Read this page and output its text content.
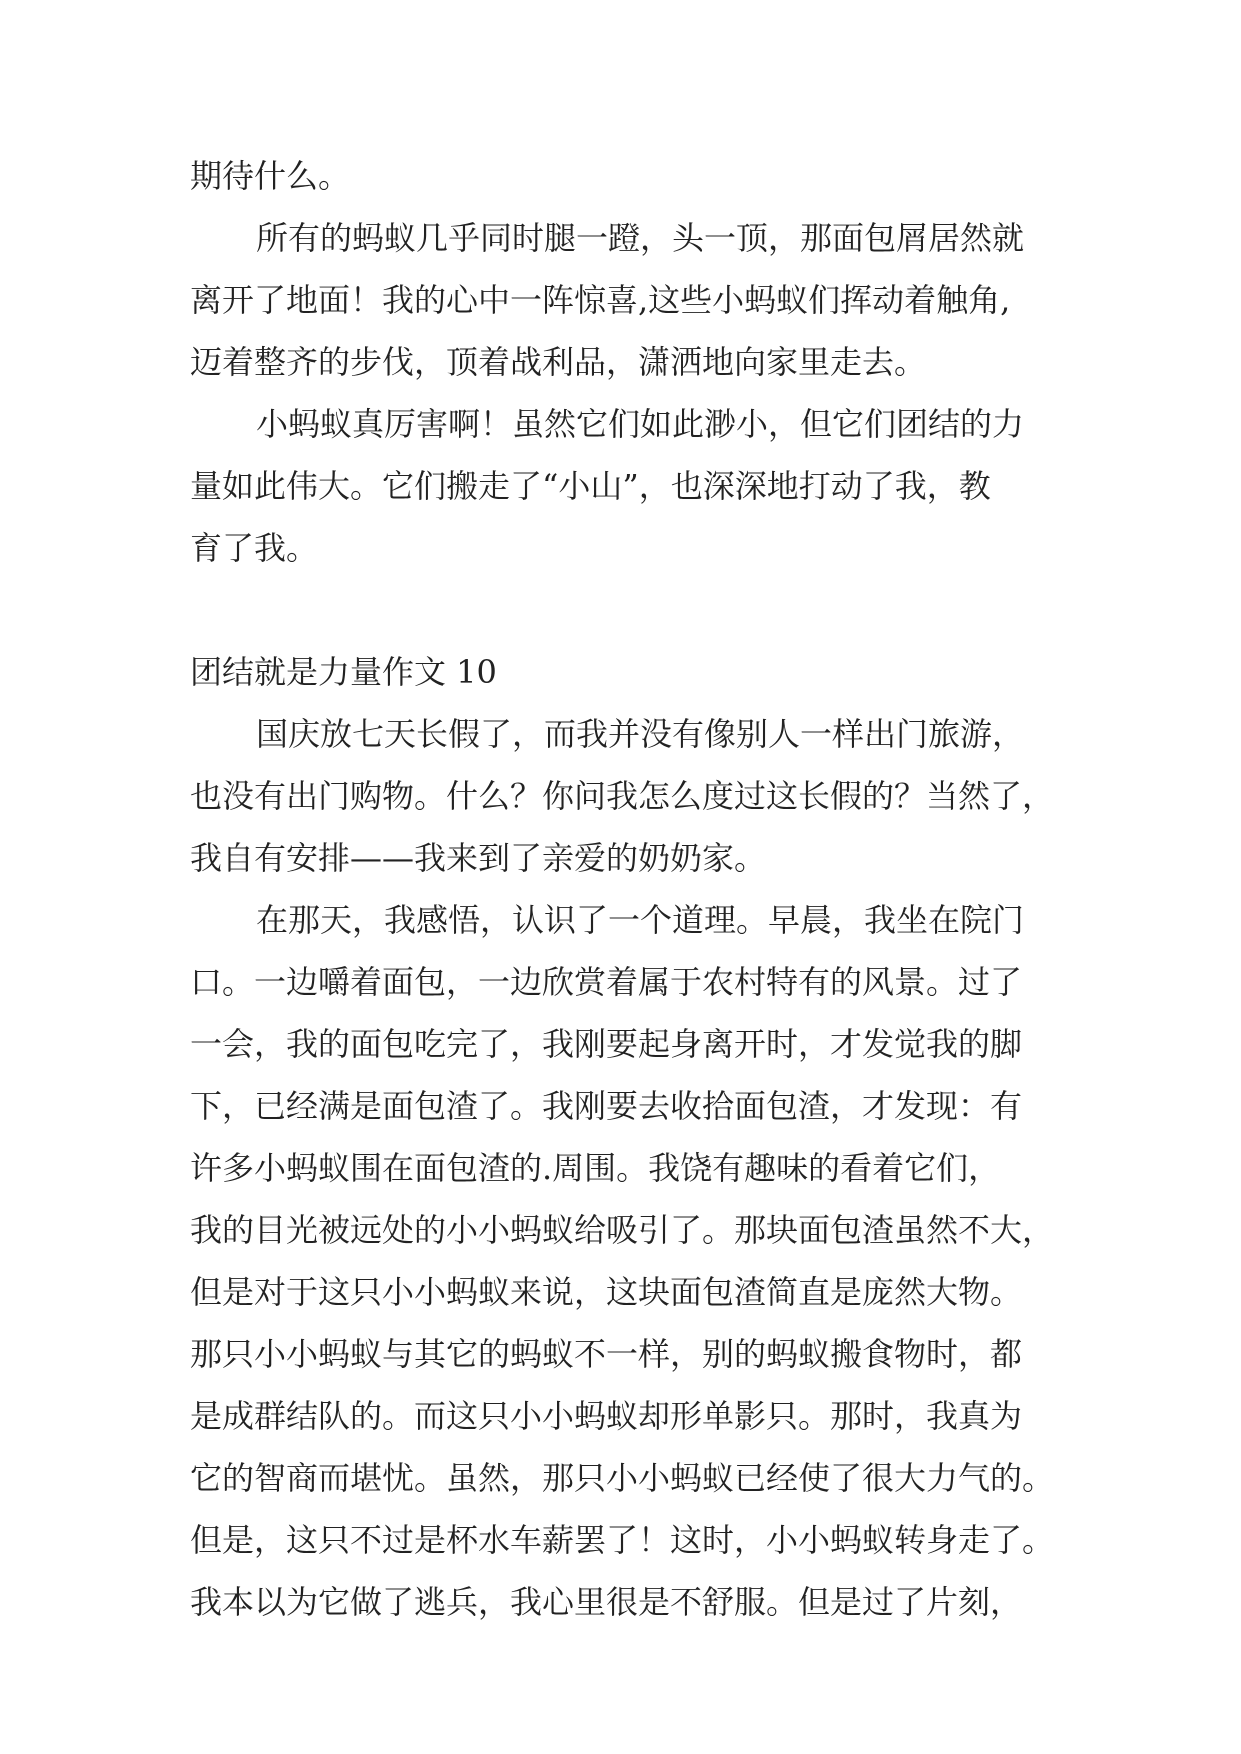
期待什么。
所有的蚂蚁几乎同时腿一蹬，头一顶，那面包屑居然就
离开了地面！我的心中一阵惊喜,这些小蚂蚁们挥动着触角,
迈着整齐的步伐，顶着战利品，潇洒地向家里走去。
小蚂蚁真厉害啊！虽然它们如此渺小，但它们团结的力
量如此伟大。它们搬走了“小山”，也深深地打动了我，教
育了我。
团结就是力量作文 10
国庆放七天长假了，而我并没有像别人一样出门旅游，
也没有出门购物。什么？你问我怎么度过这长假的？当然了，
我自有安排——我来到了亲爱的奶奶家。
在那天，我感悟，认识了一个道理。早晨，我坐在院门
口。一边嚼着面包，一边欣赏着属于农村特有的风景。过了
一会，我的面包吃完了，我刚要起身离开时，才发觉我的脚
下，已经满是面包渣了。我刚要去收拾面包渣，才发现：有
许多小蚂蚁围在面包渣的.周围。我饶有趣味的看着它们，
我的目光被远处的小小蚂蚁给吸引了。那块面包渣虽然不大，
但是对于这只小小蚂蚁来说，这块面包渣简直是庞然大物。
那只小小蚂蚁与其它的蚂蚁不一样，别的蚂蚁搬食物时，都
是成群结队的。而这只小小蚂蚁却形单影只。那时，我真为
它的智商而堪忧。虽然，那只小小蚂蚁已经使了很大力气的。
但是，这只不过是杯水车薪罢了！这时，小小蚂蚁转身走了。
我本以为它做了逃兵，我心里很是不舒服。但是过了片刻，
